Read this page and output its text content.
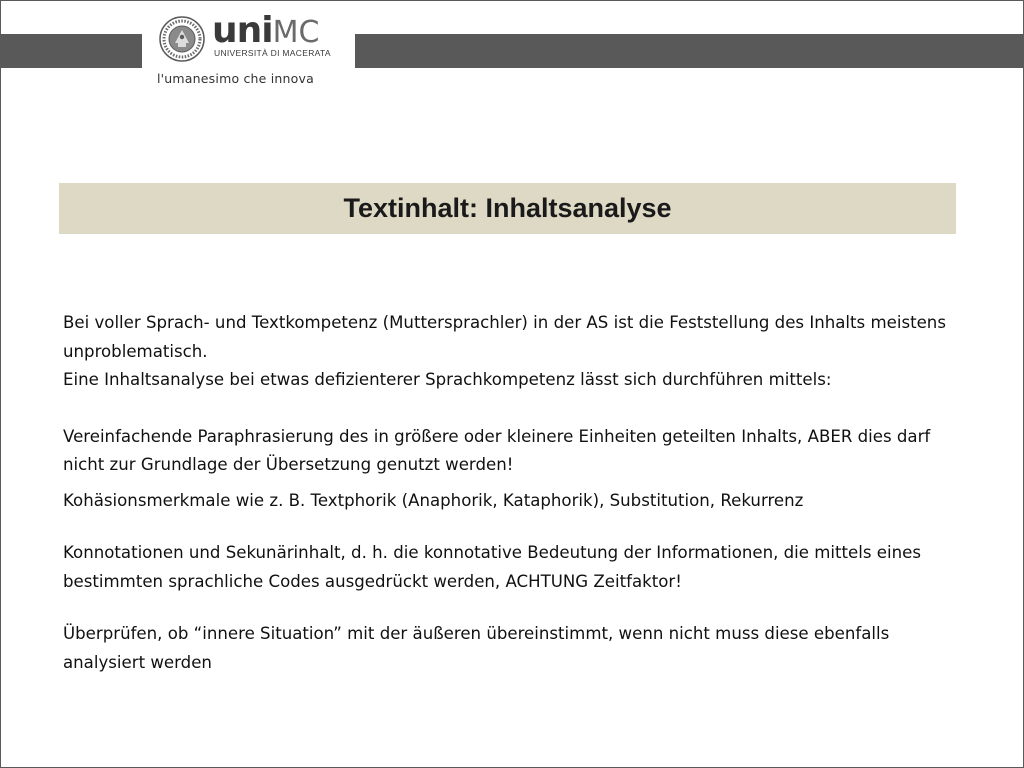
uniMC
UNIVERSITÀ DI MACERATA
l'umanesimo che innova
Textinhalt: Inhaltsanalyse

Bei voller Sprach- und Textkompetenz (Muttersprachler) in der AS ist die Feststellung des Inhalts meistens unproblematisch.

Eine Inhaltsanalyse bei etwas defizienterer Sprachkompetenz lässt sich durchführen mittels:

Vereinfachende Paraphrasierung des in größere oder kleinere Einheiten geteilten Inhalts, ABER dies darf nicht zur Grundlage der Übersetzung genutzt werden!

Kohäsionsmerkmale wie z. B. Textphorik (Anaphorik, Kataphorik), Substitution, Rekurrenz

Konnotationen und Sekunärinhalt, d. h. die konnotative Bedeutung der Informationen, die mittels eines bestimmten sprachliche Codes ausgedrückt werden, ACHTUNG Zeitfaktor!

Überprüfen, ob “innere Situation” mit der äußeren übereinstimmt, wenn nicht muss diese ebenfalls analysiert werden
